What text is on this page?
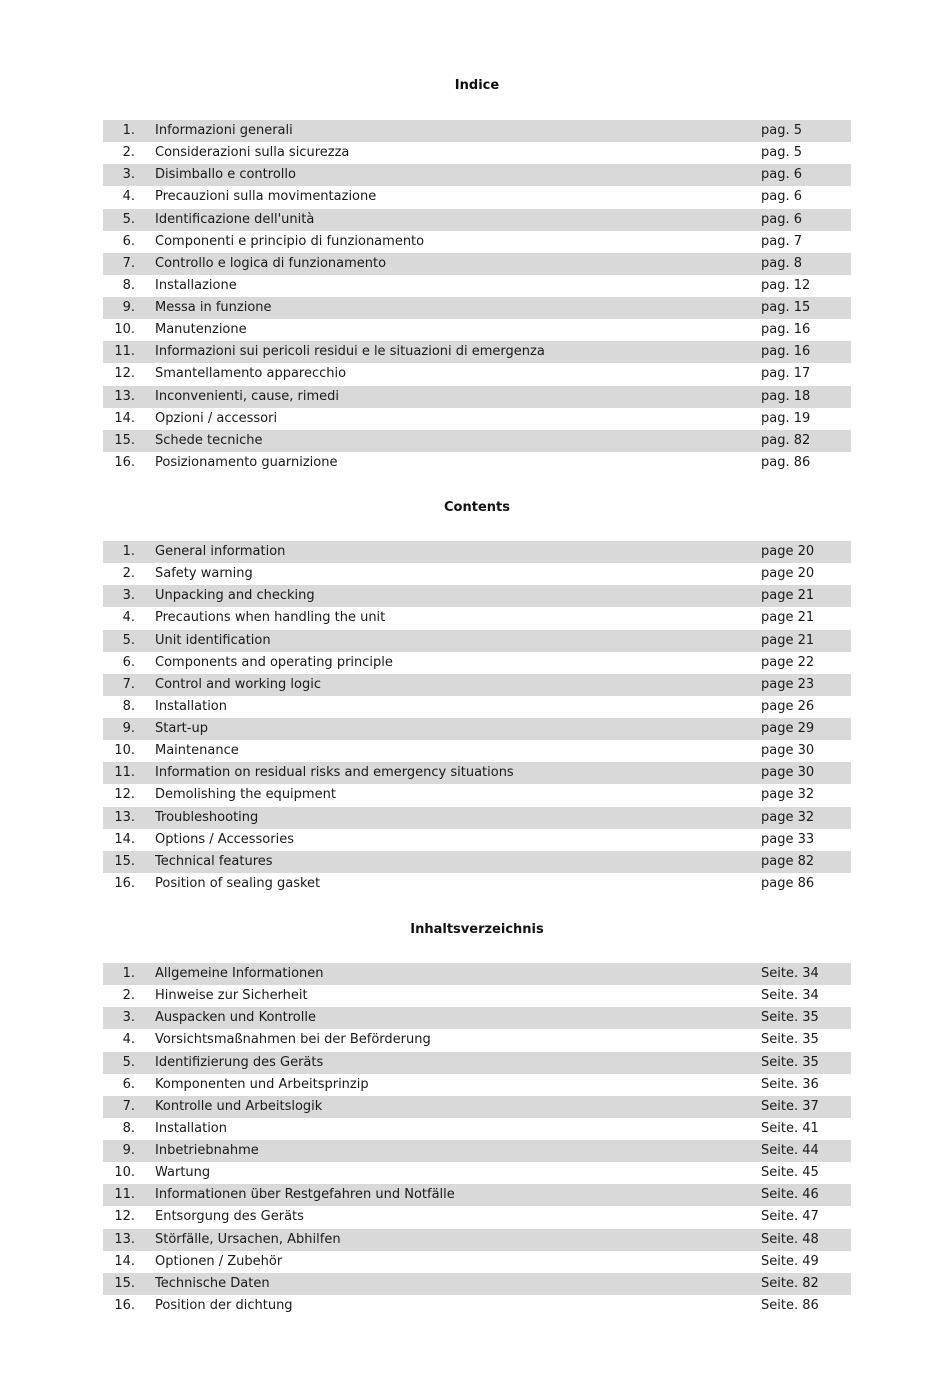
Indice
1. Informazioni generali	pag. 5
2. Considerazioni sulla sicurezza	pag. 5
3. Disimballo e controllo	pag. 6
4. Precauzioni sulla movimentazione	pag. 6
5. Identificazione dell'unità	pag. 6
6. Componenti e principio di funzionamento	pag. 7
7. Controllo e logica di funzionamento	pag. 8
8. Installazione	pag. 12
9. Messa in funzione	pag. 15
10. Manutenzione	pag. 16
11. Informazioni sui pericoli residui e le situazioni di emergenza	pag. 16
12. Smantellamento apparecchio	pag. 17
13. Inconvenienti, cause, rimedi	pag. 18
14. Opzioni / accessori	pag. 19
15. Schede tecniche	pag. 82
16. Posizionamento guarnizione	pag. 86
Contents
1. General information	page 20
2. Safety warning	page 20
3. Unpacking and checking	page 21
4. Precautions when handling the unit	page 21
5. Unit identification	page 21
6. Components and operating principle	page 22
7. Control and working logic	page 23
8. Installation	page 26
9. Start-up	page 29
10. Maintenance	page 30
11. Information on residual risks and emergency situations	page 30
12. Demolishing the equipment	page 32
13. Troubleshooting	page 32
14. Options / Accessories	page 33
15. Technical features	page 82
16. Position of sealing gasket	page 86
Inhaltsverzeichnis
1. Allgemeine Informationen	Seite. 34
2. Hinweise zur Sicherheit	Seite. 34
3. Auspacken und Kontrolle	Seite. 35
4. Vorsichtsmaßnahmen bei der Beförderung	Seite. 35
5. Identifizierung des Geräts	Seite. 35
6. Komponenten und Arbeitsprinzip	Seite. 36
7. Kontrolle und Arbeitslogik	Seite. 37
8. Installation	Seite. 41
9. Inbetriebnahme	Seite. 44
10. Wartung	Seite. 45
11. Informationen über Restgefahren und Notfälle	Seite. 46
12. Entsorgung des Geräts	Seite. 47
13. Störfälle, Ursachen, Abhilfen	Seite. 48
14. Optionen / Zubehör	Seite. 49
15. Technische Daten	Seite. 82
16. Position der dichtung	Seite. 86
